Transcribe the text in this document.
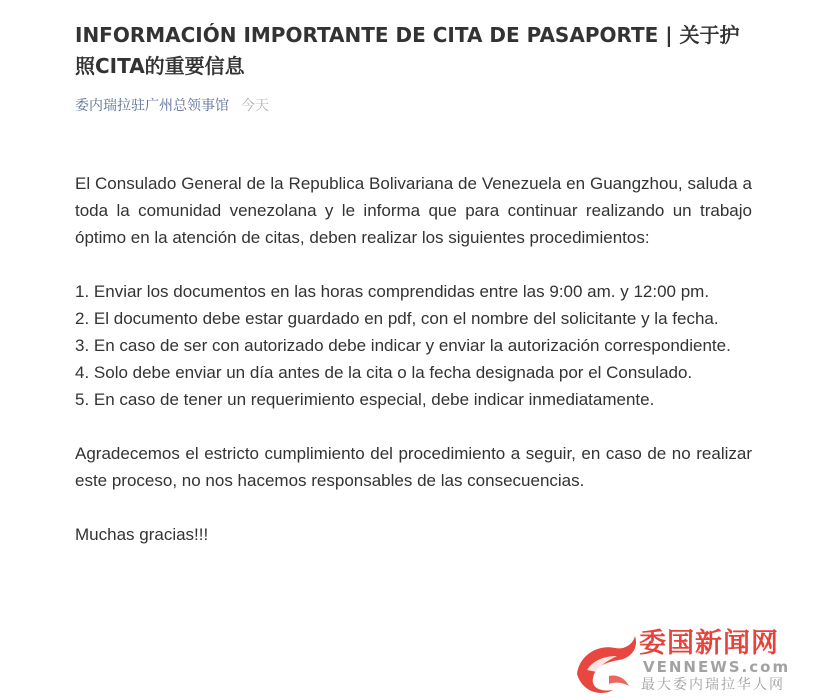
INFORMACIÓN IMPORTANTE DE CITA DE PASAPORTE | 关于护照CITA的重要信息
委内瑞拉驻广州总领事馆 今天

El Consulado General de la Republica Bolivariana de Venezuela en Guangzhou, saluda a toda la comunidad venezolana y le informa que para continuar realizando un trabajo óptimo en la atención de citas, deben realizar los siguientes procedimientos:

1. Enviar los documentos en las horas comprendidas entre las 9:00 am. y 12:00 pm.

2. El documento debe estar guardado en pdf, con el nombre del solicitante y la fecha.

3. En caso de ser con autorizado debe indicar y enviar la autorización correspondiente.

4. Solo debe enviar un día antes de la cita o la fecha designada por el Consulado.

5. En caso de tener un requerimiento especial, debe indicar inmediatamente.

Agradecemos el estricto cumplimiento del procedimiento a seguir, en caso de no realizar este proceso, no nos hacemos responsables de las consecuencias.

Muchas gracias!!!

委国新闻网
VENNEWS.com
最大委内瑞拉华人网
